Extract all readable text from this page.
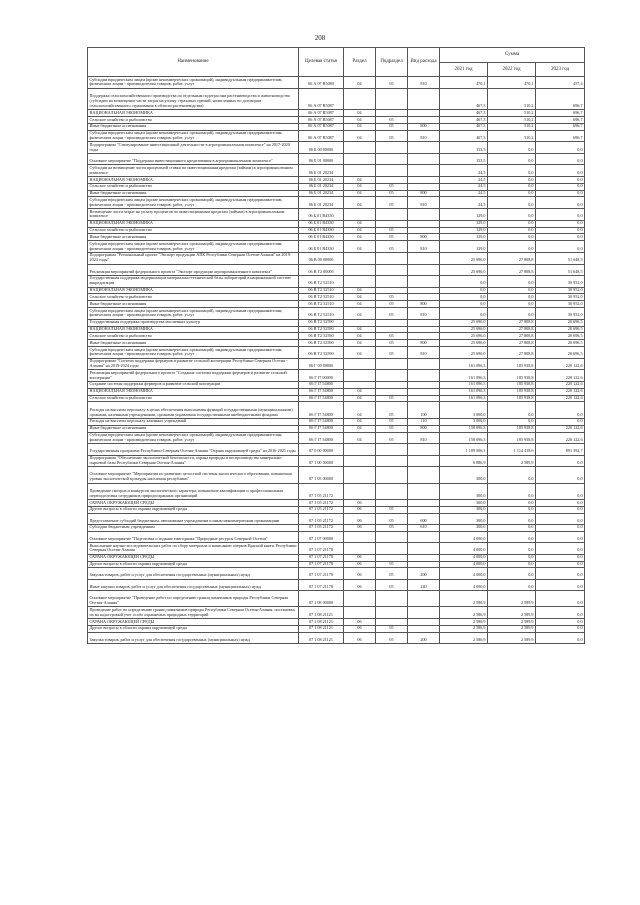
208
Наименование	Целевая статья	Раздел	Подраздел	Вид расхода	Сумма		
					2021 год	2022 год	2023 год
Субсидии юридическим лицам (кроме некоммерческих организаций), индивидуальным предпринимателям, физическим лицам - производителям товаров, работ, услуг	06 А 07 R5080	04	05	810	470,1	470,1	457,4
Поддержка сельскохозяйственного производства по отдельным подотраслям растениеводства и животноводства (субсидии на возмещение части затрат на уплату страховых премий, начисленных по договорам сельскохозяйственного страхования в области растениеводства)	06 А 07 R5087				467,3	510,2	696,7
НАЦИОНАЛЬНАЯ ЭКОНОМИКА	06 А 07 R5087	04			467,3	510,2	696,7
Сельское хозяйство и рыболовство	06 А 07 R5087	04	05		467,3	510,2	696,7
Иные бюджетные ассигнования	06 А 07 R5087	04	05	800	467,3	510,2	696,7
Субсидии юридическим лицам (кроме некоммерческих организаций), индивидуальным предпринимателям, физическим лицам - производителям товаров, работ, услуг	06 А 07 R5087	04	05	810	467,3	510,2	696,7
Подпрограмма "Стимулирование инвестиционной деятельности в агропромышленном комплексе" на 2017-2020 годы	06 Б 00 00000				153,5	0,0	0,0
Основное мероприятие "Поддержка инвестиционного кредитования в агропромышленном комплексе"	06 Б 01 00000				153,5	0,0	0,0
Субсидии на возмещение части процентной ставки по инвестиционным кредитам (займам) в агропромышленном комплексе	06 Б 01 20234				24,5	0,0	0,0
НАЦИОНАЛЬНАЯ ЭКОНОМИКА	06 Б 01 20234	04			24,5	0,0	0,0
Сельское хозяйство и рыболовство	06 Б 01 20234	04	05		24,5	0,0	0,0
Иные бюджетные ассигнования	06 Б 01 20234	04	05	800	24,5	0,0	0,0
Субсидии юридическим лицам (кроме некоммерческих организаций), индивидуальным предпринимателям, физическим лицам - производителям товаров, работ, услуг	06 Б 01 20234	04	05	810	24,5	0,0	0,0
Возмещение части затрат на уплату процентов по инвестиционным кредитам (займам) в агропромышленном комплексе	06 Б 01 R4330				129,0	0,0	0,0
НАЦИОНАЛЬНАЯ ЭКОНОМИКА	06 Б 01 R4330	04			129,0	0,0	0,0
Сельское хозяйство и рыболовство	06 Б 01 R4330	04	05		129,0	0,0	0,0
Иные бюджетные ассигнования	06 Б 01 R4330	04	05	800	129,0	0,0	0,0
Субсидии юридическим лицам (кроме некоммерческих организаций), индивидуальным предпринимателям, физическим лицам - производителям товаров, работ, услуг	06 Б 01 R4330	04	05	810	129,0	0,0	0,0
Подпрограмма "Региональный проект "Экспорт продукции АПК Республики Северная Осетия-Алания" на 2019-2024 годы"	06 В 00 00000				25 696,0	27 808,8	51 648,5
Реализация мероприятий федерального проекта "Экспорт продукции агропромышленного комплекса"	06 В Т2 00000				25 696,0	27 808,8	51 648,5
Государственная поддержка модернизации материально-технической базы лабораторий в национальной системе аккредитации	06 В Т2 52510				0,0	0,0	30 952,0
НАЦИОНАЛЬНАЯ ЭКОНОМИКА	06 В Т2 52510	04			0,0	0,0	30 952,0
Сельское хозяйство и рыболовство	06 В Т2 52510	04	05		0,0	0,0	30 952,0
Иные бюджетные ассигнования	06 В Т2 52510	04	05	800	0,0	0,0	30 952,0
Субсидии юридическим лицам (кроме некоммерческих организаций), индивидуальным предпринимателям, физическим лицам - производителям товаров, работ, услуг	06 В Т2 52510	04	05	810	0,0	0,0	30 952,0
Государственная поддержка производства масличных культур	06 В Т2 52590				25 696,0	27 808,8	20 696,5
НАЦИОНАЛЬНАЯ ЭКОНОМИКА	06 В Т2 52590	04			25 696,0	27 808,8	20 696,5
Сельское хозяйство и рыболовство	06 В Т2 52590	04	05		25 696,0	27 808,8	20 696,5
Иные бюджетные ассигнования	06 В Т2 52590	04	05	800	25 696,0	27 808,8	20 696,5
Субсидии юридическим лицам (кроме некоммерческих организаций), индивидуальным предпринимателям, физическим лицам - производителям товаров, работ, услуг	06 В Т2 52590	04	05	810	25 696,0	27 808,8	20 696,5
Подпрограмма "Система поддержки фермеров и развитие сельской кооперации Республики Северная Осетия - Алания" на 2019-2024 годы	06 Г 00 00000				161 096,3	185 938,8	220 122,6
Реализация мероприятий федерального проекта "Создание системы поддержки фермеров и развитие сельской кооперации"	06 Г I7 00000				161 096,3	185 938,8	220 122,6
Создание системы поддержки фермеров и развитие сельской кооперации	06 Г I7 54800				161 096,3	185 938,8	220 122,6
НАЦИОНАЛЬНАЯ ЭКОНОМИКА	06 Г I7 54800	04			161 096,3	185 938,8	220 122,6
Сельское хозяйство и рыболовство	06 Г I7 54800	04	05		161 096,3	185 938,8	220 122,6
Расходы на выплаты персоналу в целях обеспечения выполнения функций государственными (муниципальными) органами, казенными учреждениями, органами управления государственными внебюджетными фондами	06 Г I7 54800	04	05	100	3 000,0	0,0	0,0
Расходы на выплаты персоналу казенных учреждений	06 Г I7 54800	04	05	110	3 000,0	0,0	0,0
Иные бюджетные ассигнования	06 Г I7 54800	04	05	800	158 096,3	185 938,8	220 122,6
Субсидии юридическим лицам (кроме некоммерческих организаций), индивидуальным предпринимателям, физическим лицам - производителям товаров, работ, услуг	06 Г I7 54800	04	05	810	158 096,3	185 938,8	220 122,6
Государственная программа Республики Северная Осетия-Алания "Охрана окружающей среды" на 2016-2021 годы	07 0 00 00000				1 109 506,1	1 114 418,6	891 392,7
Подпрограмма "Обеспечение экологической безопасности, охрана природы и воспроизводства минерально-сырьевой базы Республики Северная Осетия-Алания"	07 1 00 00000				6 886,9	2 589,9	0,0
Основное мероприятие "Мероприятия по развитию целостной системы экологического образования, повышения уровня экологической культуры населения республики"	07 1 05 00000				300,0	0,0	0,0
Проведение смотров и конкурсов экологического характера, повышение квалификации и профессиональная переподготовка сотрудников природоохранных организаций	07 1 05 21172				300,0	0,0	0,0
ОХРАНА ОКРУЖАЮЩЕЙ СРЕДЫ	07 1 05 21172	06			300,0	0,0	0,0
Другие вопросы в области охраны окружающей среды	07 1 05 21172	06	05		300,0	0,0	0,0
Предоставление субсидий бюджетным, автономным учреждениям и иным некоммерческим организациям	07 1 05 21172	06	05	600	300,0	0,0	0,0
Субсидии бюджетным учреждениям	07 1 05 21172	06	05	610	300,0	0,0	0,0
Основное мероприятие "Подготовка и издание ежегодника "Природные ресурсы Северной Осетии"	07 1 07 00000				4 000,0	0,0	0,0
Выполнение научно-исследовательских работ по сбору материала и написанию очерков Красной книги Республики Северная Осетия-Алания	07 1 07 21178				4 000,0	0,0	0,0
ОХРАНА ОКРУЖАЮЩЕЙ СРЕДЫ	07 1 07 21178	06			4 000,0	0,0	0,0
Другие вопросы в области охраны окружающей среды	07 1 07 21178	06	05		4 000,0	0,0	0,0
Закупка товаров, работ и услуг для обеспечения государственных (муниципальных) нужд	07 1 07 21178	06	05	200	4 000,0	0,0	0,0
Иные закупки товаров, работ и услуг для обеспечения государственных (муниципальных) нужд	07 1 07 21178	06	05	240	4 000,0	0,0	0,0
Основное мероприятие "Проведение работ по определению границ памятников природы Республики Северная Осетия-Алания"	07 1 08 00000				2 586,9	2 589,9	0,0
Проведение работ по определению границ памятников природы Республики Северная Осетия-Алания, постановка их на кадастровый учет особо охраняемых природных территорий	07 1 08 21121				2 586,9	2 589,9	0,0
ОХРАНА ОКРУЖАЮЩЕЙ СРЕДЫ	07 1 08 21121	06			2 586,9	2 589,9	0,0
Другие вопросы в области охраны окружающей среды	07 1 08 21121	06	05		2 586,9	2 589,9	0,0
Закупка товаров, работ и услуг для обеспечения государственных (муниципальных) нужд	07 1 08 21121	06	05	200	2 586,9	2 589,9	0,0
